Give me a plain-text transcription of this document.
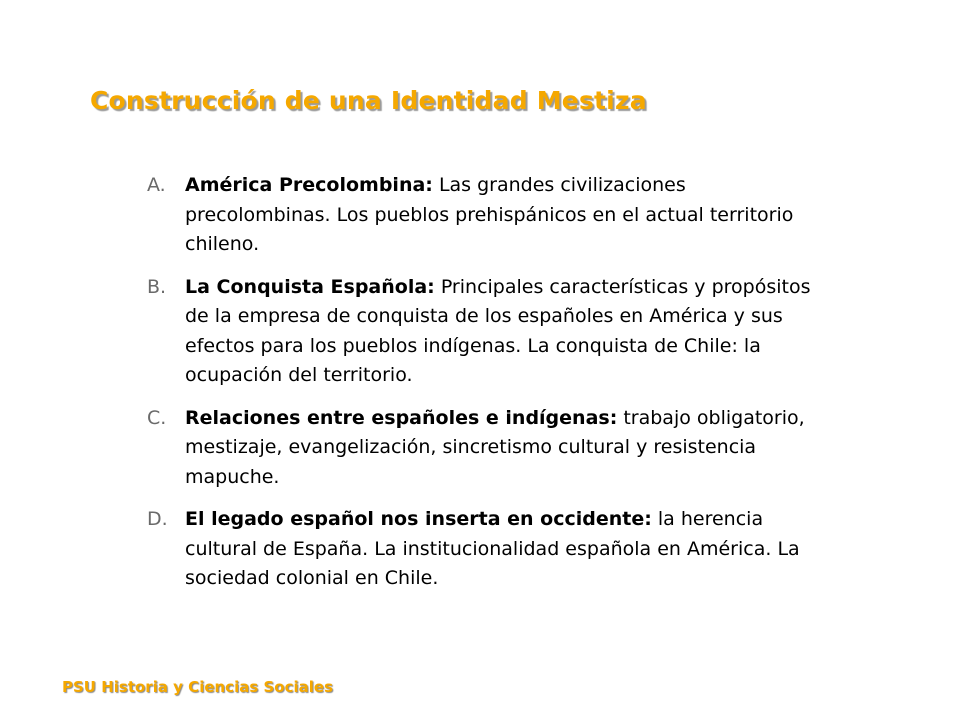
Construcción de una Identidad Mestiza
A.	América Precolombina: Las grandes civilizaciones precolombinas. Los pueblos prehispánicos en el actual territorio chileno.
B. La Conquista Española: Principales características y propósitos de la empresa de conquista de los españoles en América y sus efectos para los pueblos indígenas. La conquista de Chile: la ocupación del territorio.
C. Relaciones entre españoles e indígenas: trabajo obligatorio, mestizaje, evangelización, sincretismo cultural y resistencia mapuche.
D. El legado español nos inserta en occidente: la herencia cultural de España. La institucionalidad española en América. La sociedad colonial en Chile.
PSU Historia y Ciencias Sociales
